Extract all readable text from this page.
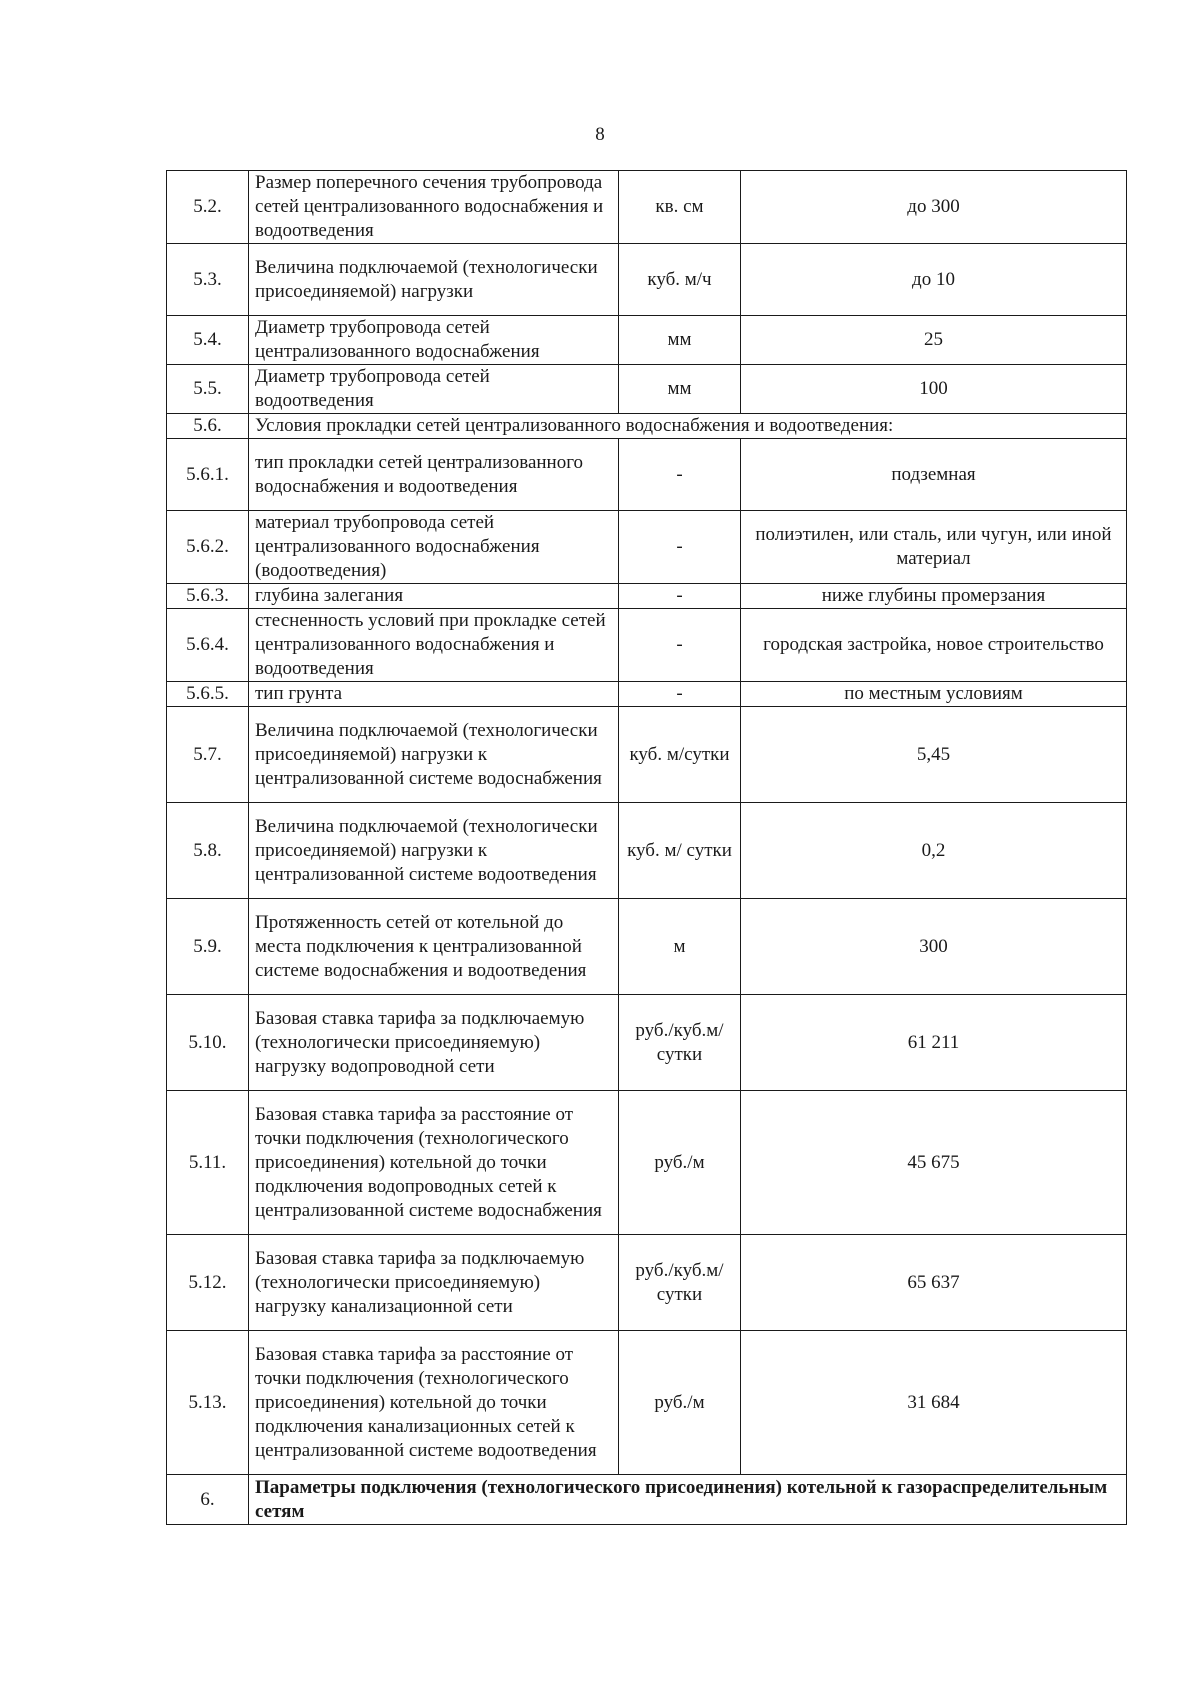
8
5.2.	Размер поперечного сечения трубопровода сетей централизованного водоснабжения и водоотведения	кв. см	до 300
5.3.	Величина подключаемой (технологически присоединяемой) нагрузки	куб. м/ч	до 10
5.4.	Диаметр трубопровода сетей централизованного водоснабжения	мм	25
5.5.	Диаметр трубопровода сетей водоотведения	мм	100
5.6.	Условия прокладки сетей централизованного водоснабжения и водоотведения:		
5.6.1.	тип прокладки сетей централизованного водоснабжения и водоотведения	-	подземная
5.6.2.	материал трубопровода сетей централизованного водоснабжения (водоотведения)	-	полиэтилен, или сталь, или чугун, или иной материал
5.6.3.	глубина залегания	-	ниже глубины промерзания
5.6.4.	стесненность условий при прокладке сетей централизованного водоснабжения и водоотведения	-	городская застройка, новое строительство
5.6.5.	тип грунта	-	по местным условиям
5.7.	Величина подключаемой (технологически присоединяемой) нагрузки к централизованной системе водоснабжения	куб. м/сутки	5,45
5.8.	Величина подключаемой (технологически присоединяемой) нагрузки к централизованной системе водоотведения	куб. м/ сутки	0,2
5.9.	Протяженность сетей от котельной до места подключения к централизованной системе водоснабжения и водоотведения	м	300
5.10.	Базовая ставка тарифа за подключаемую (технологически присоединяемую) нагрузку водопроводной сети	руб./куб.м/ сутки	61 211
5.11.	Базовая ставка тарифа за расстояние от точки подключения (технологического присоединения) котельной до точки подключения водопроводных сетей к централизованной системе водоснабжения	руб./м	45 675
5.12.	Базовая ставка тарифа за подключаемую (технологически присоединяемую) нагрузку канализационной сети	руб./куб.м/ сутки	65 637
5.13.	Базовая ставка тарифа за расстояние от точки подключения (технологического присоединения) котельной до точки подключения канализационных сетей к централизованной системе водоотведения	руб./м	31 684
6.	Параметры подключения (технологического присоединения) котельной к газораспределительным сетям		
